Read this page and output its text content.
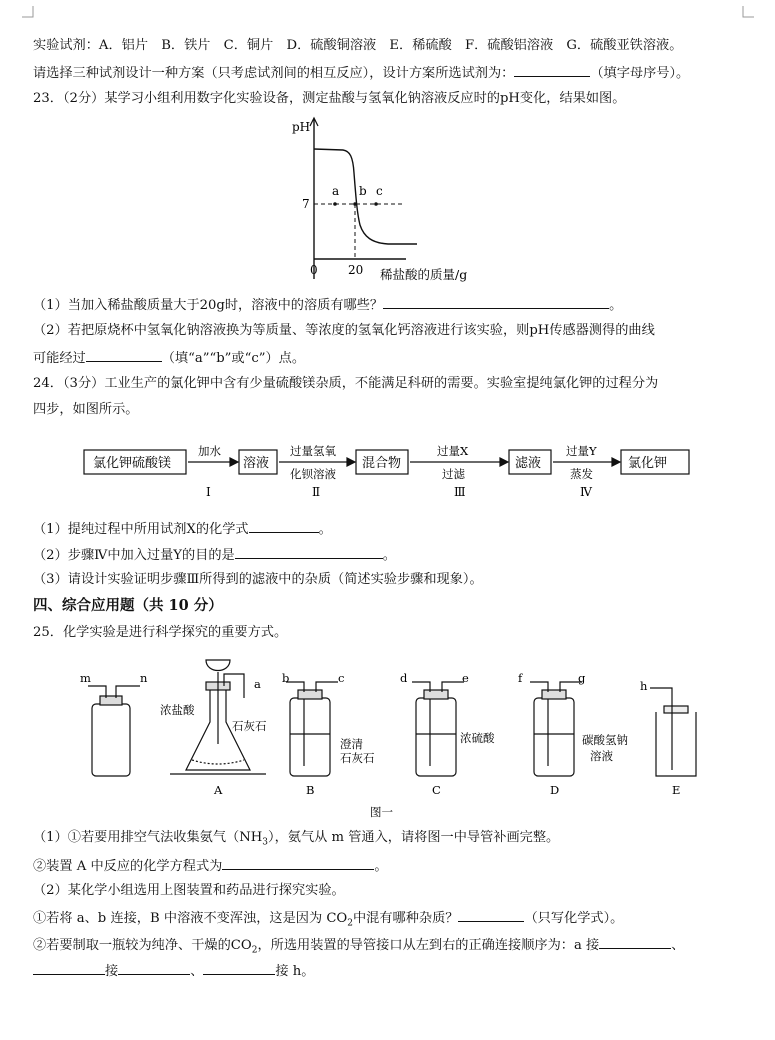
实验试剂：A．铝片　B．铁片　C．铜片　D．硫酸铜溶液　E．稀硫酸　F．硫酸铝溶液　G．硫酸亚铁溶液。
请选择三种试剂设计一种方案（只考虑试剂间的相互反应），设计方案所选试剂为：	（填字母序号）。
23．（2分）某学习小组利用数字化实验设备，测定盐酸与氢氧化钠溶液反应时的pH变化，结果如图。
pH
7
0	20 稀盐酸的质量/g
a b c
（1）当加入稀盐酸质量大于20g时，溶液中的溶质有哪些？	。
（2）若把原烧杯中氢氧化钠溶液换为等质量、等浓度的氢氧化钙溶液进行该实验，则pH传感器测得的曲线
可能经过	（填“a”“b”或“c”）点。
24．（3分）工业生产的氯化钾中含有少量硫酸镁杂质，不能满足科研的需要。实验室提纯氯化钾的过程分为
四步，如图所示。
氯化钾硫酸镁	溶液	混合物	滤液	氯化钾
加水
Ⅰ
过量氢氧
化钡溶液
Ⅱ
过量X
过滤
Ⅲ
过量Y
蒸发
Ⅳ
（1）提纯过程中所用试剂X的化学式	。
（2）步骤Ⅳ中加入过量Y的目的是	。
（3）请设计实验证明步骤Ⅲ所得到的滤液中的杂质（简述实验步骤和现象）。
四、综合应用题（共 10 分）
25．化学实验是进行科学探究的重要方式。
m	n	a b	c	d	e	f	g
h
浓盐酸
石灰石
澄清
石灰石
浓硫酸	碳酸氢钠
溶液
A	B	C	D	E
图一
（1）①若要用排空气法收集氨气$(NH_3)$，氨气从 m 管通入，请将图一中导管补画完整。
②装置 A 中反应的化学方程式为	。
（2）某化学小组选用上图装置和药品进行探究实验。
①若将 a、b 连接，B 中溶液不变浑浊，这是因为 $CO_2$中混有哪种杂质？	（只写化学式）。
②若要制取一瓶较为纯净、干燥的$CO_2$，所选用装置的导管接口从左到右的正确连接顺序为：a 接	、
接	、	接 h。
